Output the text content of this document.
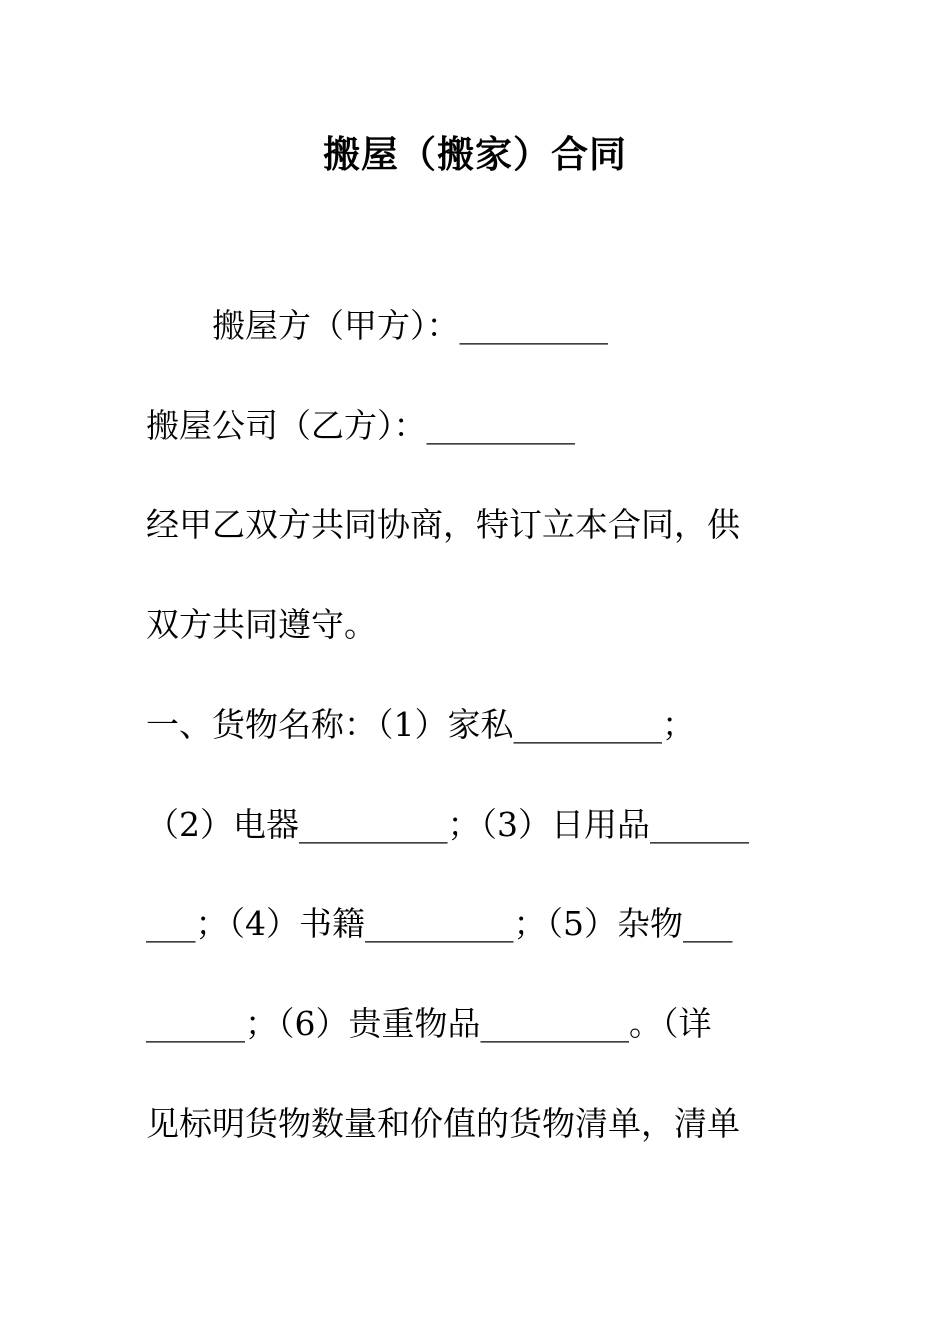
搬屋（搬家）合同
　　搬屋方（甲方）：_________
搬屋公司（乙方）：_________
经甲乙双方共同协商，特订立本合同，供
双方共同遵守。
一、货物名称：（1）家私_________；
（2）电器_________；（3）日用品______
___；（4）书籍_________；（5）杂物___
______；（6）贵重物品_________。（详
见标明货物数量和价值的货物清单，清单
